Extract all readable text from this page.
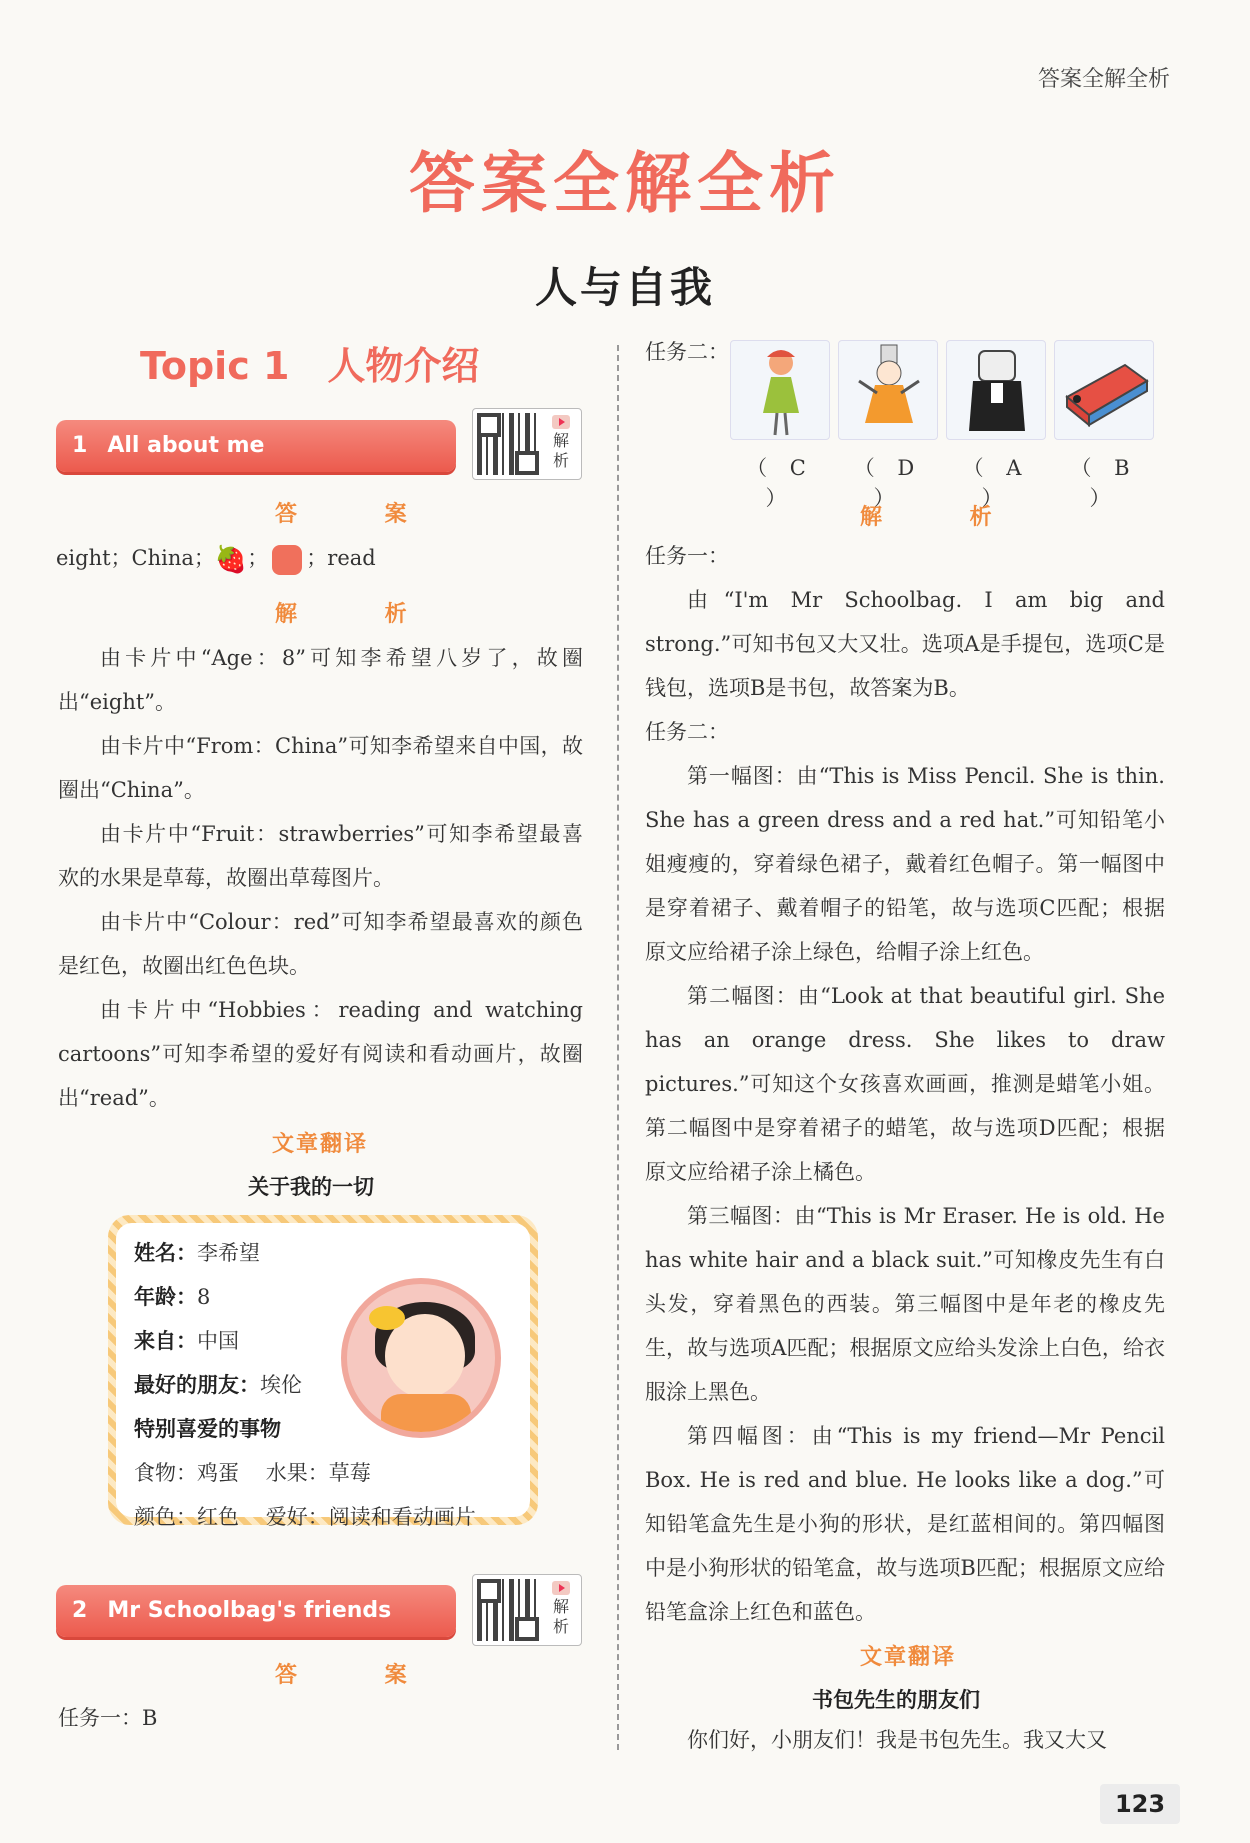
答案全解全析
答案全解全析
人与自我
Topic 1　人物介绍
1 All about me	解析
答 案
eight；China；🍓； ；read
解 析

由卡片中“Age：8”可知李希望八岁了，故圈出“eight”。

由卡片中“From：China”可知李希望来自中国，故圈出“China”。

由卡片中“Fruit：strawberries”可知李希望最喜欢的水果是草莓，故圈出草莓图片。

由卡片中“Colour：red”可知李希望最喜欢的颜色是红色，故圈出红色色块。

由卡片中“Hobbies：reading and watching cartoons”可知李希望的爱好有阅读和看动画片，故圈出“read”。

文章翻译
关于我的一切
姓名：李希望
年龄：8
来自：中国
最好的朋友：埃伦
特别喜爱的事物
食物：鸡蛋 水果：草莓
颜色：红色 爱好：阅读和看动画片
2 Mr Schoolbag's friends	解析
答 案
任务一：B
任务二：
（ C ）
（ D ）
（ A ）
（ B ）
解 析

任务一：

由“I'm Mr Schoolbag. I am big and strong.”可知书包又大又壮。选项A是手提包，选项C是钱包，选项B是书包，故答案为B。

任务二：

第一幅图：由“This is Miss Pencil. She is thin. She has a green dress and a red hat.”可知铅笔小姐瘦瘦的，穿着绿色裙子，戴着红色帽子。第一幅图中是穿着裙子、戴着帽子的铅笔，故与选项C匹配；根据原文应给裙子涂上绿色，给帽子涂上红色。

第二幅图：由“Look at that beautiful girl. She has an orange dress. She likes to draw pictures.”可知这个女孩喜欢画画，推测是蜡笔小姐。第二幅图中是穿着裙子的蜡笔，故与选项D匹配；根据原文应给裙子涂上橘色。

第三幅图：由“This is Mr Eraser. He is old. He has white hair and a black suit.”可知橡皮先生有白头发，穿着黑色的西装。第三幅图中是年老的橡皮先生，故与选项A匹配；根据原文应给头发涂上白色，给衣服涂上黑色。

第四幅图：由“This is my friend—Mr Pencil Box. He is red and blue. He looks like a dog.”可知铅笔盒先生是小狗的形状，是红蓝相间的。第四幅图中是小狗形状的铅笔盒，故与选项B匹配；根据原文应给铅笔盒涂上红色和蓝色。

文章翻译
书包先生的朋友们

你们好，小朋友们！我是书包先生。我又大又

123
